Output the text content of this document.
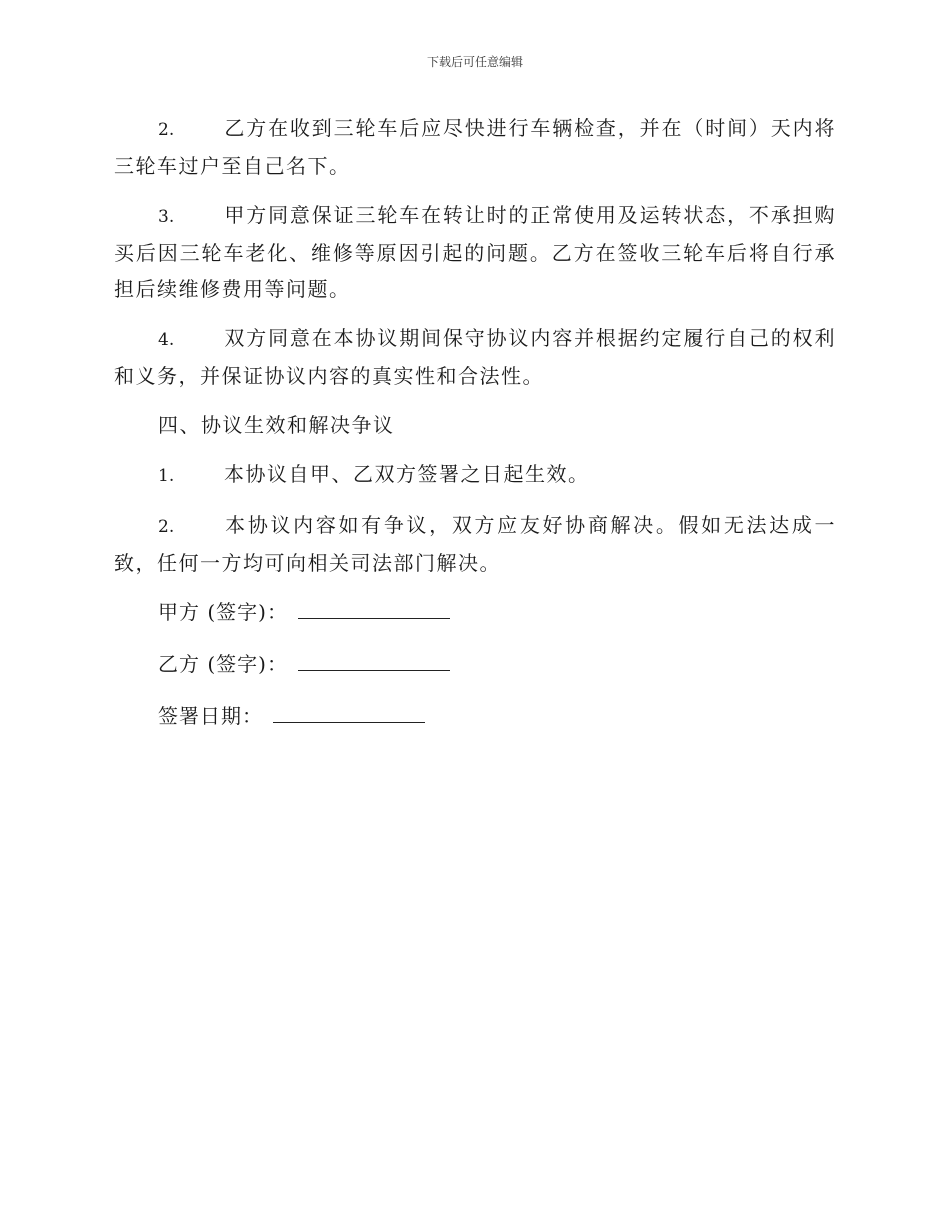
下载后可任意编辑

2. 乙方在收到三轮车后应尽快进行车辆检查，并在（时间）天内将三轮车过户至自己名下。

3. 甲方同意保证三轮车在转让时的正常使用及运转状态，不承担购买后因三轮车老化、维修等原因引起的问题。乙方在签收三轮车后将自行承担后续维修费用等问题。

4. 双方同意在本协议期间保守协议内容并根据约定履行自己的权利和义务，并保证协议内容的真实性和合法性。

四、协议生效和解决争议

1. 本协议自甲、乙双方签署之日起生效。

2. 本协议内容如有争议，双方应友好协商解决。假如无法达成一致，任何一方均可向相关司法部门解决。

甲方 (签字)：
乙方 (签字)：
签署日期：
